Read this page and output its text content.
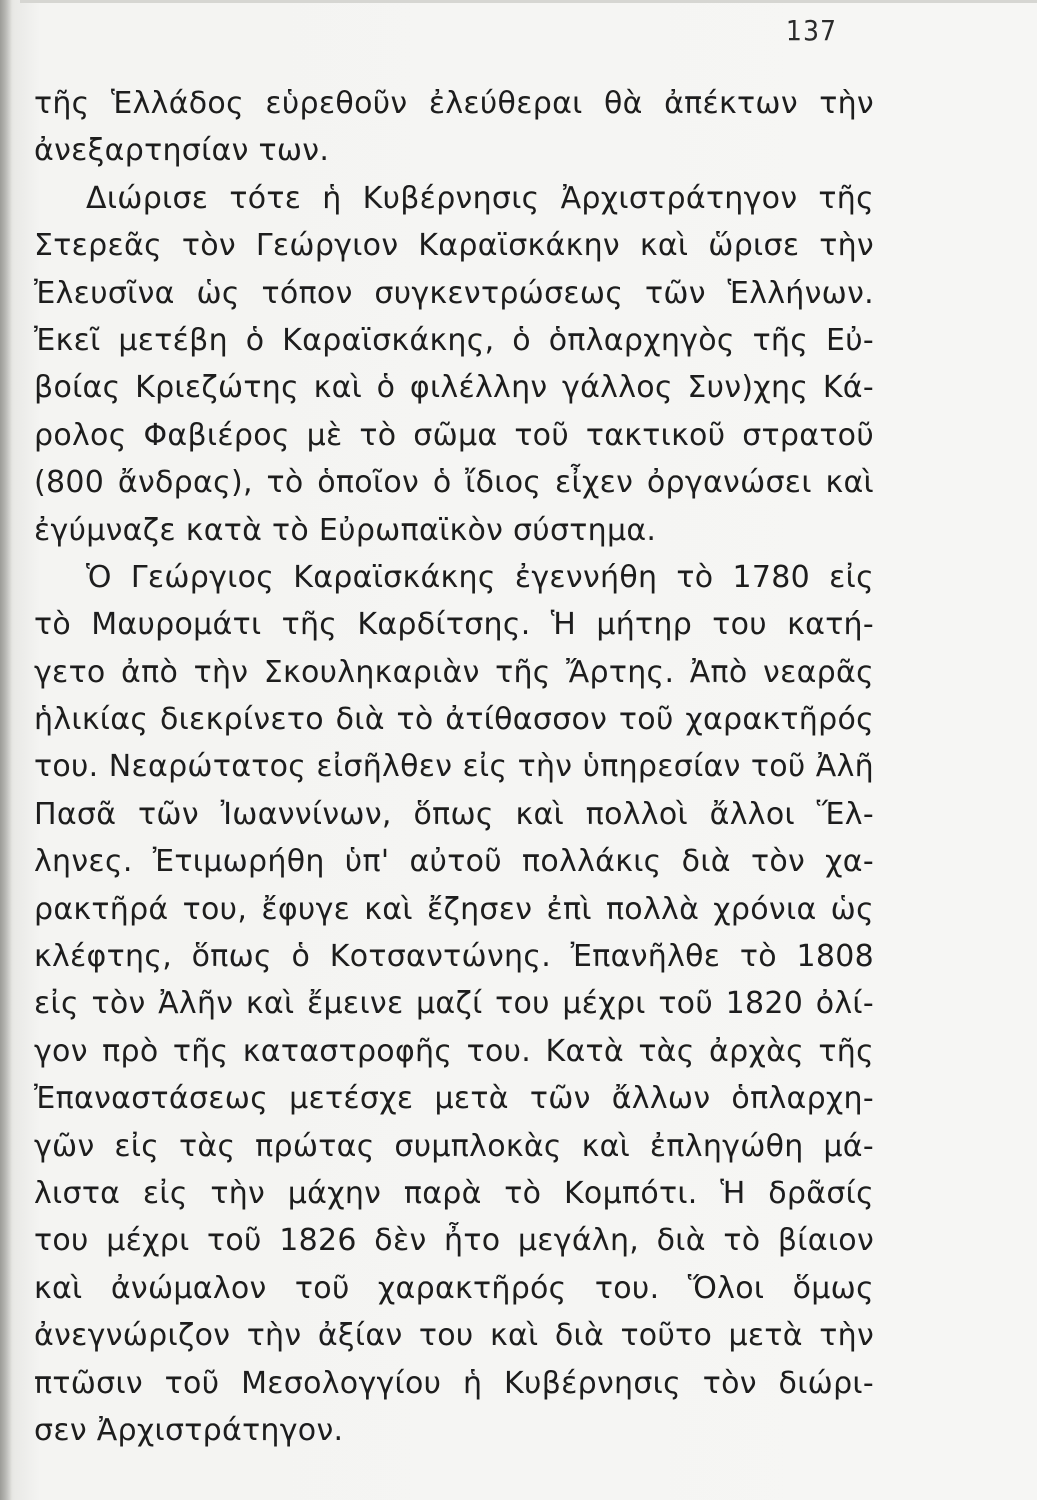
137
τῆς Ἑλλάδος εὑρεθοῦν ἐλεύθεραι θὰ ἀπέκτων τὴν
ἀνεξαρτησίαν των.
Διώρισε τότε ἡ Κυβέρνησις Ἀρχιστράτηγον τῆς
Στερεᾶς τὸν Γεώργιον Καραϊσκάκην καὶ ὥρισε τὴν
Ἐλευσῖνα ὡς τόπον συγκεντρώσεως τῶν Ἑλλήνων.
Ἐκεῖ μετέβη ὁ Καραϊσκάκης, ὁ ὁπλαρχηγὸς τῆς Εὐ-
βοίας Κριεζώτης καὶ ὁ φιλέλλην γάλλος Συν)χης Κά-
ρολος Φαβιέρος μὲ τὸ σῶμα τοῦ τακτικοῦ στρατοῦ
(800 ἄνδρας), τὸ ὁποῖον ὁ ἴδιος εἶχεν ὀργανώσει καὶ
ἐγύμναζε κατὰ τὸ Εὐρωπαϊκὸν σύστημα.
Ὁ Γεώργιος Καραϊσκάκης ἐγεννήθη τὸ 1780 εἰς
τὸ Μαυρομάτι τῆς Καρδίτσης. Ἡ μήτηρ του κατή-
γετο ἀπὸ τὴν Σκουληκαριὰν τῆς Ἄρτης. Ἀπὸ νεαρᾶς
ἡλικίας διεκρίνετο διὰ τὸ ἀτίθασσον τοῦ χαρακτῆρός
του. Νεαρώτατος εἰσῆλθεν εἰς τὴν ὑπηρεσίαν τοῦ Ἀλῆ
Πασᾶ τῶν Ἰωαννίνων, ὅπως καὶ πολλοὶ ἄλλοι Ἕλ-
ληνες. Ἐτιμωρήθη ὑπ' αὐτοῦ πολλάκις διὰ τὸν χα-
ρακτῆρά του, ἔφυγε καὶ ἔζησεν ἐπὶ πολλὰ χρόνια ὡς
κλέφτης, ὅπως ὁ Κοτσαντώνης. Ἐπανῆλθε τὸ 1808
εἰς τὸν Ἀλῆν καὶ ἔμεινε μαζί του μέχρι τοῦ 1820 ὀλί-
γον πρὸ τῆς καταστροφῆς του. Κατὰ τὰς ἀρχὰς τῆς
Ἐπαναστάσεως μετέσχε μετὰ τῶν ἄλλων ὁπλαρχη-
γῶν εἰς τὰς πρώτας συμπλοκὰς καὶ ἐπληγώθη μά-
λιστα εἰς τὴν μάχην παρὰ τὸ Κομπότι. Ἡ δρᾶσίς
του μέχρι τοῦ 1826 δὲν ἦτο μεγάλη, διὰ τὸ βίαιον
καὶ ἀνώμαλον τοῦ χαρακτῆρός του. Ὅλοι ὅμως
ἀνεγνώριζον τὴν ἀξίαν του καὶ διὰ τοῦτο μετὰ τὴν
πτῶσιν τοῦ Μεσολογγίου ἡ Κυβέρνησις τὸν διώρι-
σεν Ἀρχιστράτηγον.
